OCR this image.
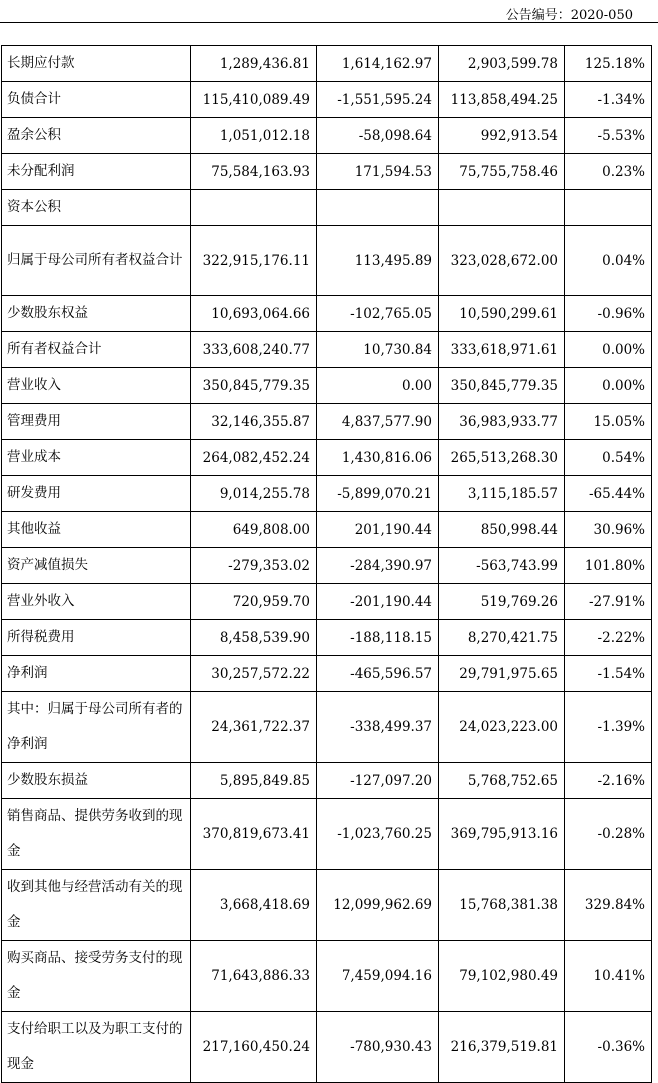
公告编号：2020-050
长期应付款	1,289,436.81	1,614,162.97	2,903,599.78	125.18%
负债合计	115,410,089.49	-1,551,595.24	113,858,494.25	-1.34%
盈余公积	1,051,012.18	-58,098.64	992,913.54	-5.53%
未分配利润	75,584,163.93	171,594.53	75,755,758.46	0.23%
资本公积				
归属于母公司所有者权益合计	322,915,176.11	113,495.89	323,028,672.00	0.04%
少数股东权益	10,693,064.66	-102,765.05	10,590,299.61	-0.96%
所有者权益合计	333,608,240.77	10,730.84	333,618,971.61	0.00%
营业收入	350,845,779.35	0.00	350,845,779.35	0.00%
管理费用	32,146,355.87	4,837,577.90	36,983,933.77	15.05%
营业成本	264,082,452.24	1,430,816.06	265,513,268.30	0.54%
研发费用	9,014,255.78	-5,899,070.21	3,115,185.57	-65.44%
其他收益	649,808.00	201,190.44	850,998.44	30.96%
资产减值损失	-279,353.02	-284,390.97	-563,743.99	101.80%
营业外收入	720,959.70	-201,190.44	519,769.26	-27.91%
所得税费用	8,458,539.90	-188,118.15	8,270,421.75	-2.22%
净利润	30,257,572.22	-465,596.57	29,791,975.65	-1.54%
其中：归属于母公司所有者的净利润	24,361,722.37	-338,499.37	24,023,223.00	-1.39%
少数股东损益	5,895,849.85	-127,097.20	5,768,752.65	-2.16%
销售商品、提供劳务收到的现金	370,819,673.41	-1,023,760.25	369,795,913.16	-0.28%
收到其他与经营活动有关的现金	3,668,418.69	12,099,962.69	15,768,381.38	329.84%
购买商品、接受劳务支付的现金	71,643,886.33	7,459,094.16	79,102,980.49	10.41%
支付给职工以及为职工支付的现金	217,160,450.24	-780,930.43	216,379,519.81	-0.36%
